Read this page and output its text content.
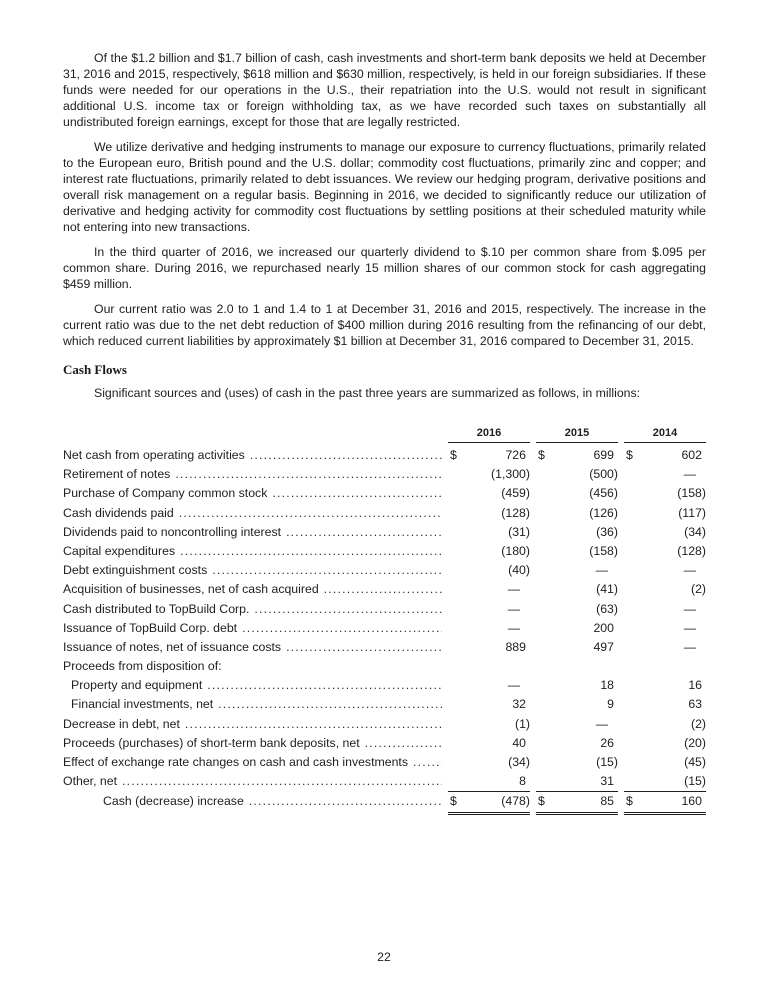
Of the $1.2 billion and $1.7 billion of cash, cash investments and short-term bank deposits we held at December 31, 2016 and 2015, respectively, $618 million and $630 million, respectively, is held in our foreign subsidiaries. If these funds were needed for our operations in the U.S., their repatriation into the U.S. would not result in significant additional U.S. income tax or foreign withholding tax, as we have recorded such taxes on substantially all undistributed foreign earnings, except for those that are legally restricted.

We utilize derivative and hedging instruments to manage our exposure to currency fluctuations, primarily related to the European euro, British pound and the U.S. dollar; commodity cost fluctuations, primarily zinc and copper; and interest rate fluctuations, primarily related to debt issuances. We review our hedging program, derivative positions and overall risk management on a regular basis. Beginning in 2016, we decided to significantly reduce our utilization of derivative and hedging activity for commodity cost fluctuations by settling positions at their scheduled maturity while not entering into new transactions.

In the third quarter of 2016, we increased our quarterly dividend to $.10 per common share from $.095 per common share. During 2016, we repurchased nearly 15 million shares of our common stock for cash aggregating $459 million.

Our current ratio was 2.0 to 1 and 1.4 to 1 at December 31, 2016 and 2015, respectively. The increase in the current ratio was due to the net debt reduction of $400 million during 2016 resulting from the refinancing of our debt, which reduced current liabilities by approximately $1 billion at December 31, 2016 compared to December 31, 2015.

Cash Flows

Significant sources and (uses) of cash in the past three years are summarized as follows, in millions:

2016	2015	2014
Net cash from operating activities .....	$	726 $	699 $	602
Retirement of notes .....	(1,300)	(500)	—
Purchase of Company common stock .....	(459)	(456)	(158)
Cash dividends paid .....	(128)	(126)	(117)
Dividends paid to noncontrolling interest .....	(31)	(36)	(34)
Capital expenditures .....	(180)	(158)	(128)
Debt extinguishment costs .....	(40)	—	—
Acquisition of businesses, net of cash acquired .....	—	(41)	(2)
Cash distributed to TopBuild Corp. .....	—	(63)	—
Issuance of TopBuild Corp. debt .....	—	200	—
Issuance of notes, net of issuance costs .....	889	497	—
Proceeds from disposition of:
Property and equipment .....	—	18	16
Financial investments, net .....	32	9	63
Decrease in debt, net .....	(1)	—	(2)
Proceeds (purchases) of short-term bank deposits, net .....	40	26	(20)
Effect of exchange rate changes on cash and cash investments .....	(34)	(15)	(45)
Other, net .....	8	31	(15)
Cash (decrease) increase .....	$	(478) $	85 $	160
22
